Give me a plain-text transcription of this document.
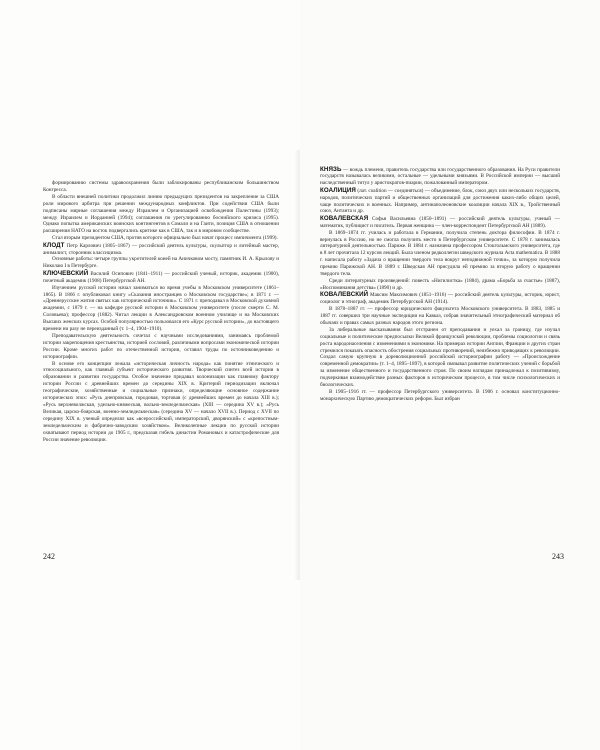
формированию системы здравоохранения были заблокированы республиканским большинством Конгресса.

В области внешней политики продолжил линию предыдущих президентов на закрепление за США роли мирового арбитра при решении международных конфликтов. При содействии США были подписаны мирные соглашения между Израилем и Организацией освобождения Палестины (1993); между Израилем и Иорданией (1994); соглашения по урегулированию боснийского кризиса (1995). Однако попытка американских воинских контингентов в Сомали и на Гаити, позиция США в отношении расширения НАТО на восток подвергались критике как в США, так и в мировом сообществе.

Стал вторым президентом США, против которого официально был начат процесс импичмента (1999).

КЛОДТ Петр Карлович (1805–1867) — российский деятель культуры, скульптор и литейный мастер, анималист, сторонник классицизма.

Основные работы: четыре группы укротителей коней на Аничковом мосту, памятник И. А. Крылову и Николаю I в Петербурге.

КЛЮЧЕВСКИЙ Василий Осипович (1841–1911) — российский ученый, историк, академик (1900), почетный академик (1908) Петербургской АН.

Изучением русской истории начал заниматься во время учебы в Московском университете (1861–1865). В 1866 г. опубликовал книгу «Сказания иностранцев о Московском государстве»; в 1871 г. — «Древнерусские жития святых как исторический источник». С 1871 г. преподавал в Московской духовной академии, с 1879 г. — на кафедре русской истории в Московском университете (после смерти С. М. Соловьева); профессор (1882). Читал лекции в Александровском военном училище и на Московских Высших женских курсах. Особой популярностью пользовался его «Курс русской истории», до настоящего времени ни разу не переизданный (т. 1–4, 1904–1910).

Преподавательскую деятельность сочетал с научными исследованиями, занимаясь проблемой истории закрепощения крестьянства, историей сословий, различными вопросами экономической истории России. Кроме многих работ по отечественной истории, оставил труды по источниковедению и историографии.

В основе его концепции лежала «историческая личность народа» как понятие этнического и этносоциального, как главный субъект исторического развития. Творческий синтез всей истории в образовании и развитии государства. Особое значение придавал колонизации как главному фактору истории России с древнейших времен до середины XIX в. Критерий периодизации включал географические, хозяйственные и социальные признаки, определяющие основное содержание исторических эпох: «Русь днепровская, городовая, торговая (с древнейших времен до начала XIII в.); «Русь верхневолжская, удельно-княжеская, вольно-земледельческая» (XIII — середина XV в.); «Русь Великая, царско-боярская, военно-земледельческая» (середина XV — начало XVII в.). Период с XVII по середину XIX в. ученый определял как «всероссийский, императорский, дворянский» с «крепостным-земледельческим и фабрично-заводским хозяйством». Великолепные лекции по русской истории охватывают период истории до 1905 г., предсказав гибель династии Романовых и катастрофические для России значение революции.

242

КНЯЗЬ — вождь племени, правитель государства или государственного образования. На Руси правители государств называлась великими, остальные — удельными князьями. В Российской империи — высший наследственный титул у аристократов-пиарии, пожалованный императором.

КОАЛИЦИЯ (лат. coalition — соединяться) — объединение, блок, союз двух или нескольких государств, народов, политических партий и общественных организаций для достижения каких-либо общих целей, чаще политических и военных. Например, антинаполеоновские коалиции начала XIX в., Тройственный союз, Антанта и др.

КОВАЛЕВСКАЯ Софья Васильевна (1850–1891) — российский деятель культуры, ученый — математик, публицист и писатель. Первая женщина — член-корреспондент Петербургской АН (1889).

В 1869–1874 гг. училась и работала в Германии, получила степень доктора философии. В 1874 г. вернулась в Россию, но не смогла получить место в Петербургском университете. С 1878 г. занималась литературной деятельностью. Париже. В 1884 г. назначена профессором Стокгольмского университета, где в 8 лет прочитала 12 курсов лекций. Была членом редколлегии шведского журнала Acta mathematica. В 1888 г. написала работу «Задача о вращении твердого тела вокруг неподвижной точки», за которую получила премию Парижской АН. В 1889 г. Шведская АН присудила ей премию за вторую работу о вращении твердого тела.

Среди литературных произведений: повесть «Нигилистка» (1884), драма «Борьба за счастье» (1887), «Воспоминания детства» (1890) и др.

КОВАЛЕВСКИЙ Максим Максимович (1851–1916) — российский деятель культуры, историк, юрист, социолог и этнограф, академик Петербургской АН (1914).

В 1878–1887 гг. — профессор юридического факультета Московского университета. В 1883, 1885 и 1887 гг. совершил три научные экспедиции на Кавказ, собрав значительный этнографический материал об обычаях и правах самых разных народов этого региона.

За либеральные высказывания был отстранен от преподавания и уехал за границу, где изучал социальные и политические предпосылки Великой французской революции, проблемы социологии и связь роста народонаселения с изменениями в экономике. На примерах истории Англии, Франции и других стран стремился показать опасность обострения социальных противоречий, неизбежно приводящих к революции. Создал самую крупную в дореволюционной российской историографии работу — «Происхождение современной демократии» (т. 1–4, 1895–1897), в которой связывал развитие политических учений с борьбой за изменение общественного и государственного строя. По своим взглядам принадлежал к позитивизму, подчеркивая взаимодействие разных факторов в историческом процессе, в том числе психологических и биологических.

В 1905–1916 гг. — профессор Петербургского университета. В 1906 г. основал конституционно-монархическую Партию демократических реформ. Был избран

243
